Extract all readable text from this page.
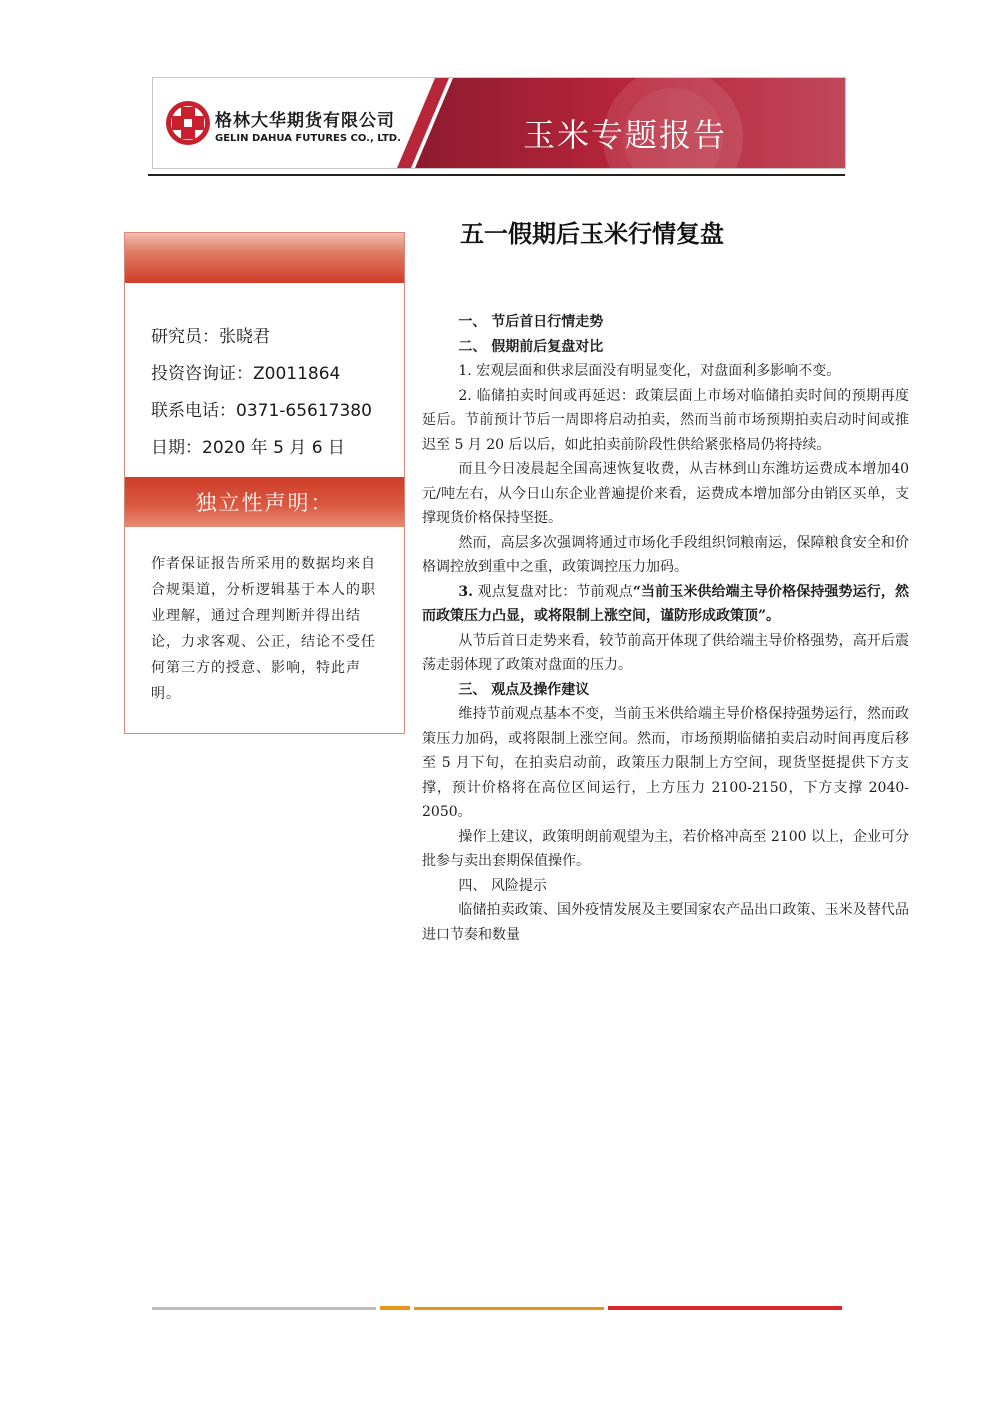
格林大华期货有限公司
GELIN DAHUA FUTURES CO., LTD.	玉米专题报告
研究员：张晓君
投资咨询证：Z0011864
联系电话：0371-65617380
日期：2020 年 5 月 6 日
独立性声明：
作者保证报告所采用的数据均来自合规渠道，分析逻辑基于本人的职业理解，通过合理判断并得出结论，力求客观、公正，结论不受任何第三方的授意、影响，特此声明。
五一假期后玉米行情复盘

一、 节后首日行情走势

二、 假期前后复盘对比

1. 宏观层面和供求层面没有明显变化，对盘面利多影响不变。

2. 临储拍卖时间或再延迟：政策层面上市场对临储拍卖时间的预期再度延后。节前预计节后一周即将启动拍卖，然而当前市场预期拍卖启动时间或推迟至 5 月 20 后以后，如此拍卖前阶段性供给紧张格局仍将持续。

而且今日凌晨起全国高速恢复收费，从吉林到山东潍坊运费成本增加40 元/吨左右，从今日山东企业普遍提价来看，运费成本增加部分由销区买单，支撑现货价格保持坚挺。

然而，高层多次强调将通过市场化手段组织饲粮南运，保障粮食安全和价格调控放到重中之重，政策调控压力加码。

3. 观点复盘对比：节前观点“当前玉米供给端主导价格保持强势运行，然而政策压力凸显，或将限制上涨空间，谨防形成政策顶”。

从节后首日走势来看，较节前高开体现了供给端主导价格强势，高开后震荡走弱体现了政策对盘面的压力。

三、 观点及操作建议

维持节前观点基本不变，当前玉米供给端主导价格保持强势运行，然而政策压力加码，或将限制上涨空间。然而，市场预期临储拍卖启动时间再度后移至 5 月下旬，在拍卖启动前，政策压力限制上方空间，现货坚挺提供下方支撑，预计价格将在高位区间运行，上方压力 2100-2150，下方支撑 2040-2050。

操作上建议，政策明朗前观望为主，若价格冲高至 2100 以上，企业可分批参与卖出套期保值操作。

四、 风险提示

临储拍卖政策、国外疫情发展及主要国家农产品出口政策、玉米及替代品进口节奏和数量
